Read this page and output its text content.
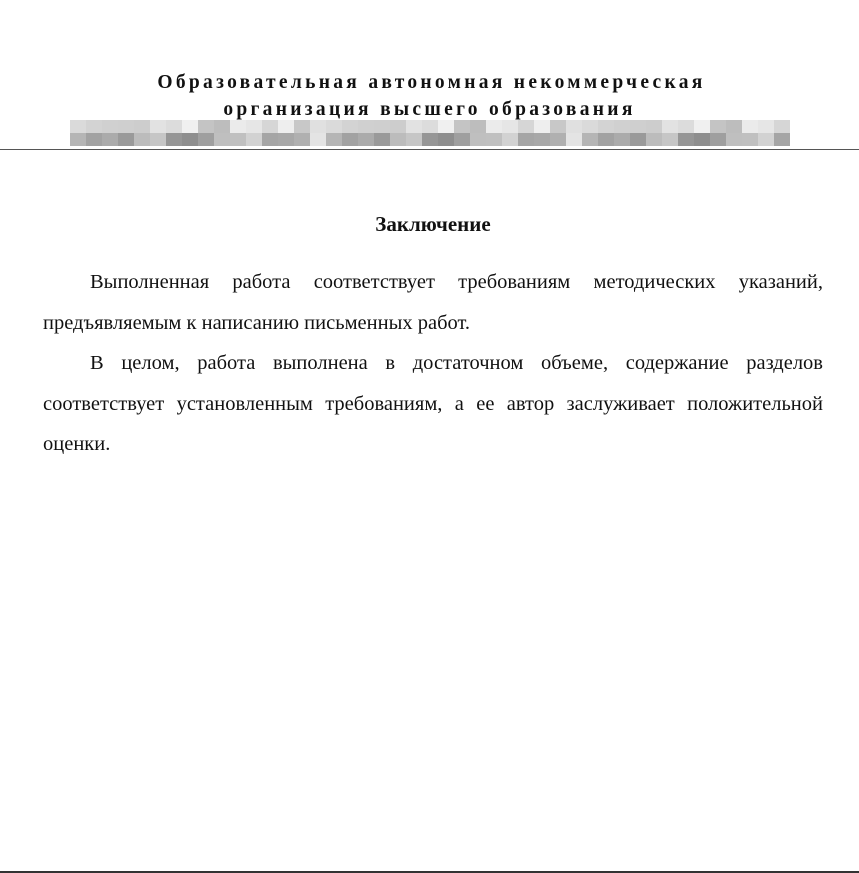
Образовательная автономная некоммерческая
организация высшего образования
Заключение

Выполненная работа соответствует требованиям методических указаний, предъявляемым к написанию письменных работ.

В целом, работа выполнена в достаточном объеме, содержание разделов соответствует установленным требованиям, а ее автор заслуживает положительной оценки.
